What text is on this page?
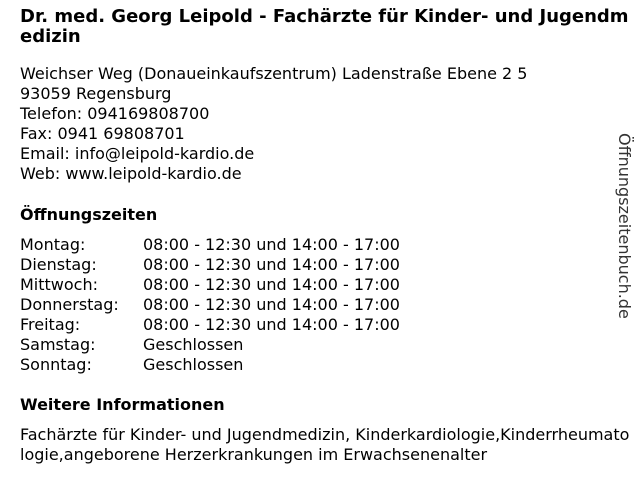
Dr. med. Georg Leipold - Fachärzte für Kinder- und Jugendmedizin
Weichser Weg (Donaueinkaufszentrum) Ladenstraße Ebene 2 5
93059 Regensburg
Telefon: 094169808700
Fax: 0941 69808701
Email: info@leipold-kardio.de
Web: www.leipold-kardio.de
Öffnungszeiten
Montag:	08:00 - 12:30 und 14:00 - 17:00
Dienstag:	08:00 - 12:30 und 14:00 - 17:00
Mittwoch:	08:00 - 12:30 und 14:00 - 17:00
Donnerstag:	08:00 - 12:30 und 14:00 - 17:00
Freitag:	08:00 - 12:30 und 14:00 - 17:00
Samstag:	Geschlossen
Sonntag:	Geschlossen
Weitere Informationen
Fachärzte für Kinder- und Jugendmedizin, Kinderkardiologie,Kinderrheumatologie,angeborene Herzerkrankungen im Erwachsenenalter
Öffnungszeitenbuch.de
